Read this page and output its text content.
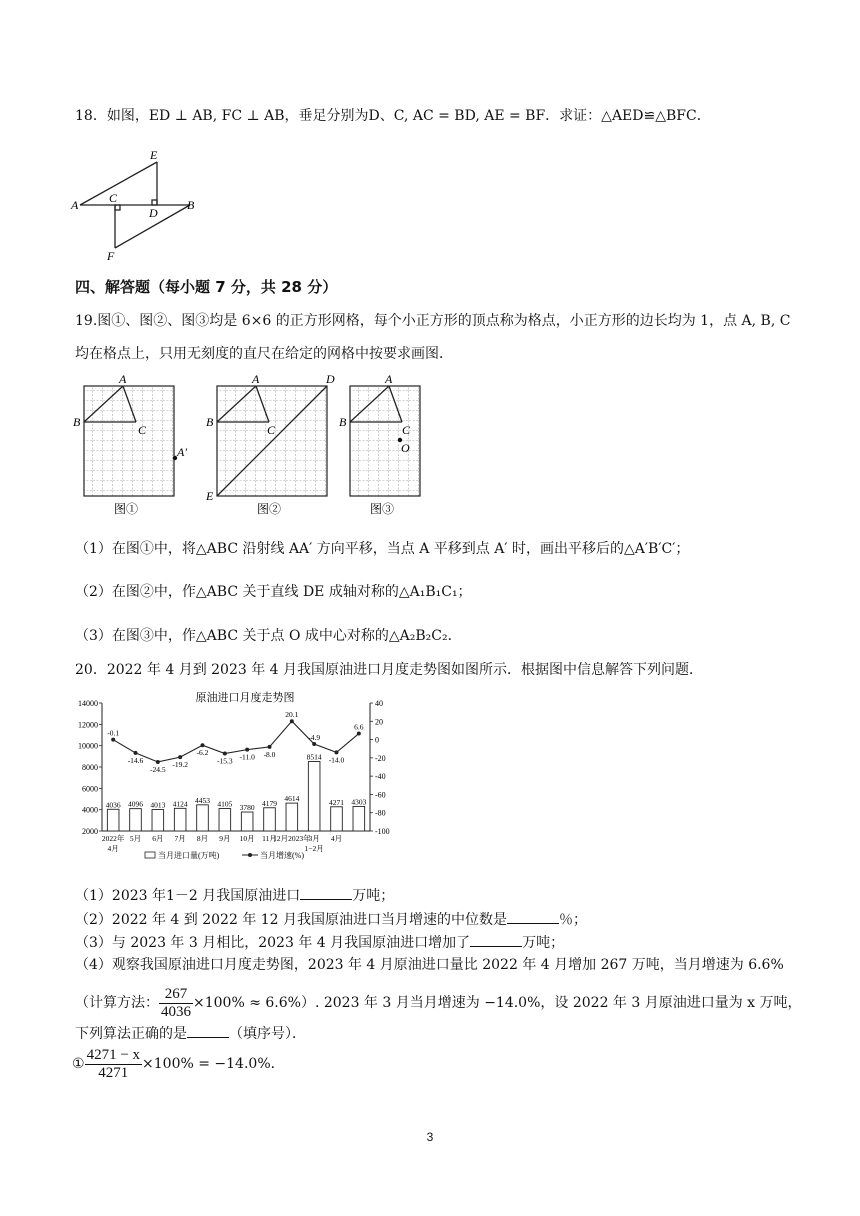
18．如图，ED ⊥ AB, FC ⊥ AB，垂足分别为D、C, AC = BD, AE = BF．求证：△AED≌△BFC．
A	B
C
D
E
F
四、解答题（每小题 7 分，共 28 分）
19.图①、图②、图③均是 6×6 的正方形网格，每个小正方形的顶点称为格点，小正方形的边长均为 1，点 A, B, C
均在格点上，只用无刻度的直尺在给定的网格中按要求画图．
A
B
C
A'
图①
A
B
C
D
E
图②
A
B
C
O
图③
（1）在图①中，将△ABC 沿射线 AA′ 方向平移，当点 A 平移到点 A′ 时，画出平移后的△A′B′C′；
（2）在图②中，作△ABC 关于直线 DE 成轴对称的△A₁B₁C₁；
（3）在图③中，作△ABC 关于点 O 成中心对称的△A₂B₂C₂．
20．2022 年 4 月到 2023 年 4 月我国原油进口月度走势图如图所示．根据图中信息解答下列问题．
原油进口月度走势图
2000
4000
6000
8000
10000
12000
14000
-100
-80
-60
-40
-20
0
20
40
4036
-0.1
2022年
4096
-14.6
5月
4013
-24.5
6月
4124
-19.2
7月
4453
-6.2
8月
4105
-15.3
9月
3780
-11.0
10月
4179
-8.0
11月
4614
20.1
12月2023年
8514
-4.9
3月
4271
-14.0
4月
4303
6.6
4月	1−2月
当月进口量(万吨)	当月增速(%)
（1）2023 年1－2 月我国原油进口	万吨；
（2）2022 年 4 到 2022 年 12 月我国原油进口当月增速的中位数是	％；
（3）与 2023 年 3 月相比，2023 年 4 月我国原油进口增加了	万吨；
（4）观察我国原油进口月度走势图，2023 年 4 月原油进口量比 2022 年 4 月增加 267 万吨，当月增速为 6.6%
（计算方法： $\frac{267}{4036} \times 100\% \approx 6.6\%$）. 2023 年 3 月当月增速为 −14.0%，设 2022 年 3 月原油进口量为 x 万吨，
下列算法正确的是	（填序号）．
① $\frac{4271 - x}{4271} \times 100\% = -14.0\%$．
3
